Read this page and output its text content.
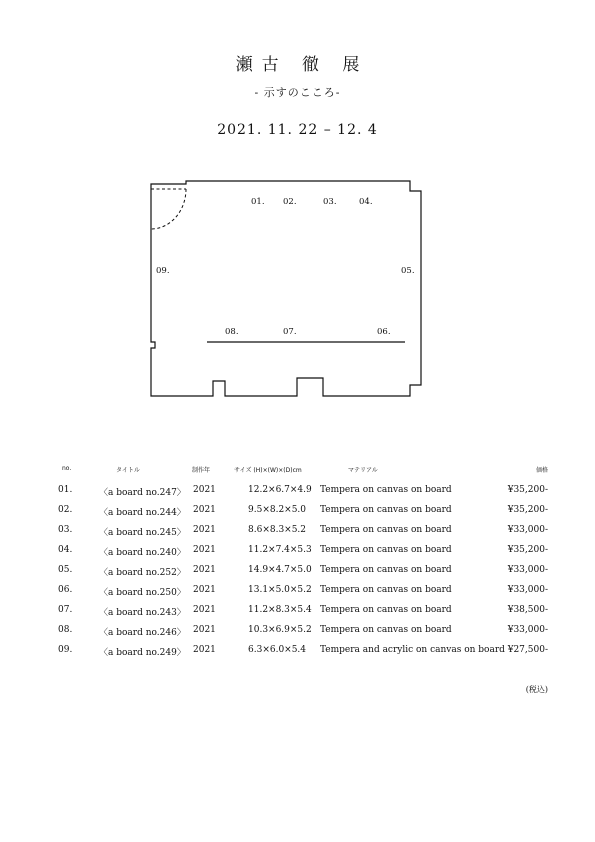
瀬古 徹 展
- 示すのこころ-
2021. 11. 22 – 12. 4
01. 02.	03.	04.
05.
06.
07.
08.
09.
no.	タイトル	制作年	サイズ (H)×(W)×(D)cm	マテリアル	価格
01.	〈a board no.247〉 2021	12.2×6.7×4.9 Tempera on canvas on board	¥35,200-
02.	〈a board no.244〉 2021	9.5×8.2×5.0 Tempera on canvas on board	¥35,200-
03.	〈a board no.245〉 2021	8.6×8.3×5.2 Tempera on canvas on board	¥33,000-
04.	〈a board no.240〉 2021	11.2×7.4×5.3 Tempera on canvas on board	¥35,200-
05.	〈a board no.252〉 2021	14.9×4.7×5.0 Tempera on canvas on board	¥33,000-
06.	〈a board no.250〉 2021	13.1×5.0×5.2 Tempera on canvas on board	¥33,000-
07.	〈a board no.243〉 2021	11.2×8.3×5.4 Tempera on canvas on board	¥38,500-
08.	〈a board no.246〉 2021	10.3×6.9×5.2 Tempera on canvas on board	¥33,000-
09.	〈a board no.249〉 2021	6.3×6.0×5.4 Tempera and acrylic on canvas on board ¥27,500-
(税込)
